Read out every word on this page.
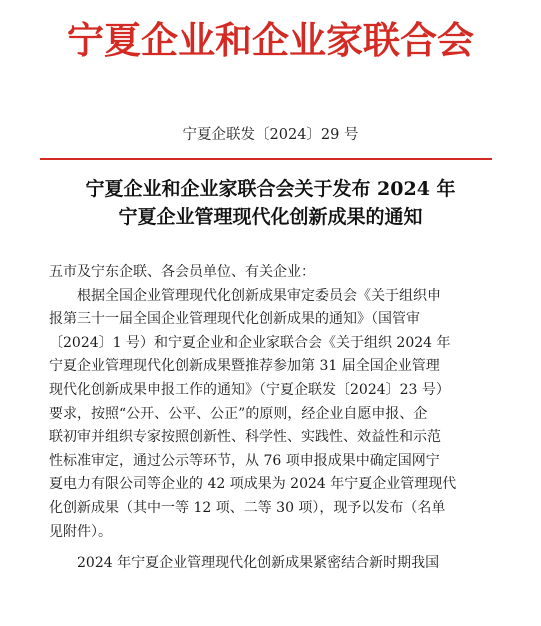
宁夏企业和企业家联合会
宁夏企联发〔2024〕29 号
宁夏企业和企业家联合会关于发布 2024 年
宁夏企业管理现代化创新成果的通知
五市及宁东企联、各会员单位、有关企业：
根据全国企业管理现代化创新成果审定委员会《关于组织申
报第三十一届全国企业管理现代化创新成果的通知》（国管审
〔2024〕1 号）和宁夏企业和企业家联合会《关于组织 2024 年
宁夏企业管理现代化创新成果暨推荐参加第 31 届全国企业管理
现代化创新成果申报工作的通知》（宁夏企联发〔2024〕23 号）
要求，按照“公开、公平、公正”的原则，经企业自愿申报、企
联初审并组织专家按照创新性、科学性、实践性、效益性和示范
性标准审定，通过公示等环节，从 76 项申报成果中确定国网宁
夏电力有限公司等企业的 42 项成果为 2024 年宁夏企业管理现代
化创新成果（其中一等 12 项、二等 30 项），现予以发布（名单
见附件）。
2024 年宁夏企业管理现代化创新成果紧密结合新时期我国
